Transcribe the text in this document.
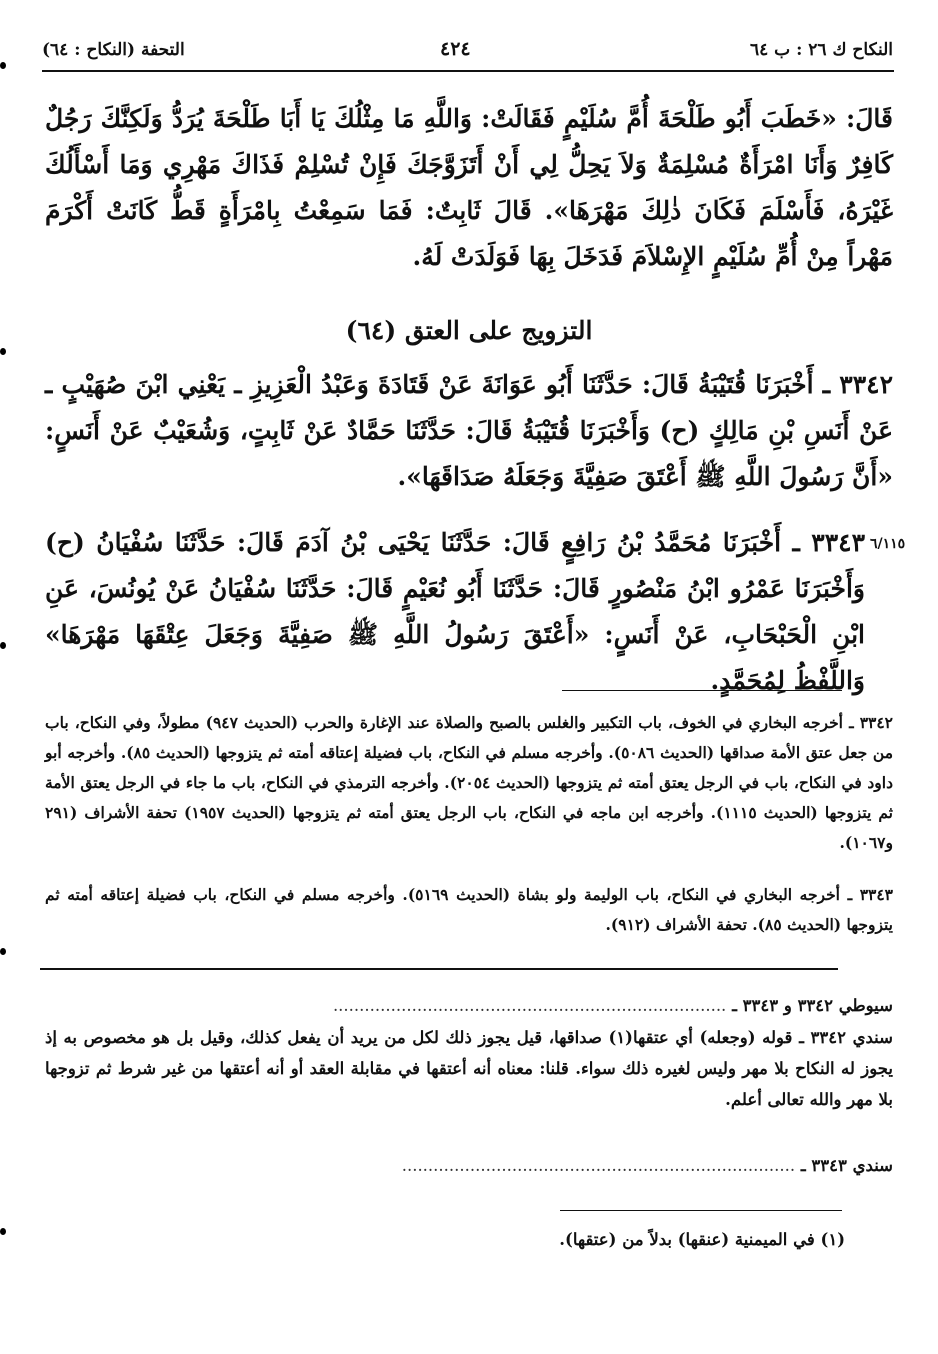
النكاح ك ٢٦ : ب ٦٤
٤٢٤
التحفة (النكاح : ٦٤)
قَالَ: «خَطَبَ أَبُو طَلْحَةَ أُمَّ سُلَيْمٍ فَقَالَتْ: وَاللَّهِ مَا مِثْلُكَ يَا أَبَا طَلْحَةَ يُرَدُّ وَلَكِنَّكَ رَجُلٌ كَافِرٌ وَأَنَا امْرَأَةٌ مُسْلِمَةٌ وَلاَ يَحِلُّ لِي أَنْ أَتَزَوَّجَكَ فَإِنْ تُسْلِمْ فَذَاكَ مَهْرِي وَمَا أَسْأَلُكَ غَيْرَهُ، فَأَسْلَمَ فَكَانَ ذٰلِكَ مَهْرَهَا». قَالَ ثَابِتٌ: فَمَا سَمِعْتُ بِامْرَأَةٍ قَطُّ كَانَتْ أَكْرَمَ مَهْراً مِنْ أُمِّ سُلَيْمٍ الإِسْلاَمَ فَدَخَلَ بِهَا فَوَلَدَتْ لَهُ.
(٦٤) التزويج على العتق
٣٣٤٢ ـ أَخْبَرَنَا قُتَيْبَةُ قَالَ: حَدَّثَنَا أَبُو عَوَانَةَ عَنْ قَتَادَةَ وَعَبْدُ الْعَزِيزِ ـ يَعْنِي ابْنَ صُهَيْبٍ ـ عَنْ أَنَسِ بْنِ مَالِكٍ (ح) وَأَخْبَرَنَا قُتَيْبَةُ قَالَ: حَدَّثَنَا حَمَّادٌ عَنْ ثَابِتٍ، وَشُعَيْبٌ عَنْ أَنَسٍ: «أَنَّ رَسُولَ اللَّهِ ﷺ أَعْتَقَ صَفِيَّةَ وَجَعَلَهُ صَدَاقَهَا».
٦/١١٥
٣٣٤٣ ـ أَخْبَرَنَا مُحَمَّدُ بْنُ رَافِعٍ قَالَ: حَدَّثَنَا يَحْيَى بْنُ آدَمَ قَالَ: حَدَّثَنَا سُفْيَانُ (ح) وَأَخْبَرَنَا عَمْرُو ابْنُ مَنْصُورٍ قَالَ: حَدَّثَنَا أَبُو نُعَيْمٍ قَالَ: حَدَّثَنَا سُفْيَانُ عَنْ يُونُسَ، عَنِ ابْنِ الْحَبْحَابِ، عَنْ أَنَسٍ: «أَعْتَقَ رَسُولُ اللَّهِ ﷺ صَفِيَّةَ وَجَعَلَ عِتْقَهَا مَهْرَهَا» وَاللَّفْظُ لِمُحَمَّدٍ.
٣٣٤٢ ـ أخرجه البخاري في الخوف، باب التكبير والغلس بالصبح والصلاة عند الإغارة والحرب (الحديث ٩٤٧) مطولاً، وفي النكاح، باب من جعل عتق الأمة صداقها (الحديث ٥٠٨٦). وأخرجه مسلم في النكاح، باب فضيلة إعتاقه أمته ثم يتزوجها (الحديث ٨٥). وأخرجه أبو داود في النكاح، باب في الرجل يعتق أمته ثم يتزوجها (الحديث ٢٠٥٤). وأخرجه الترمذي في النكاح، باب ما جاء في الرجل يعتق الأمة ثم يتزوجها (الحديث ١١١٥). وأخرجه ابن ماجه في النكاح، باب الرجل يعتق أمته ثم يتزوجها (الحديث ١٩٥٧) تحفة الأشراف (٢٩١ و١٠٦٧).
٣٣٤٣ ـ أخرجه البخاري في النكاح، باب الوليمة ولو بشاة (الحديث ٥١٦٩). وأخرجه مسلم في النكاح، باب فضيلة إعتاقه أمته ثم يتزوجها (الحديث ٨٥). تحفة الأشراف (٩١٢).
سيوطي ٣٣٤٢ و ٣٣٤٣ ـ ...........................................................................
سندي ٣٣٤٢ ـ قوله (وجعله) أي عتقها(١) صداقها، قيل يجوز ذلك لكل من يريد أن يفعل كذلك، وقيل بل هو مخصوص به إذ يجوز له النكاح بلا مهر وليس لغيره ذلك سواء. قلنا: معناه أنه أعتقها في مقابلة العقد أو أنه أعتقها من غير شرط ثم تزوجها بلا مهر والله تعالى أعلم.
سندي ٣٣٤٣ ـ ...........................................................................
(١) في الميمنية (عنقها) بدلاً من (عتقها).
